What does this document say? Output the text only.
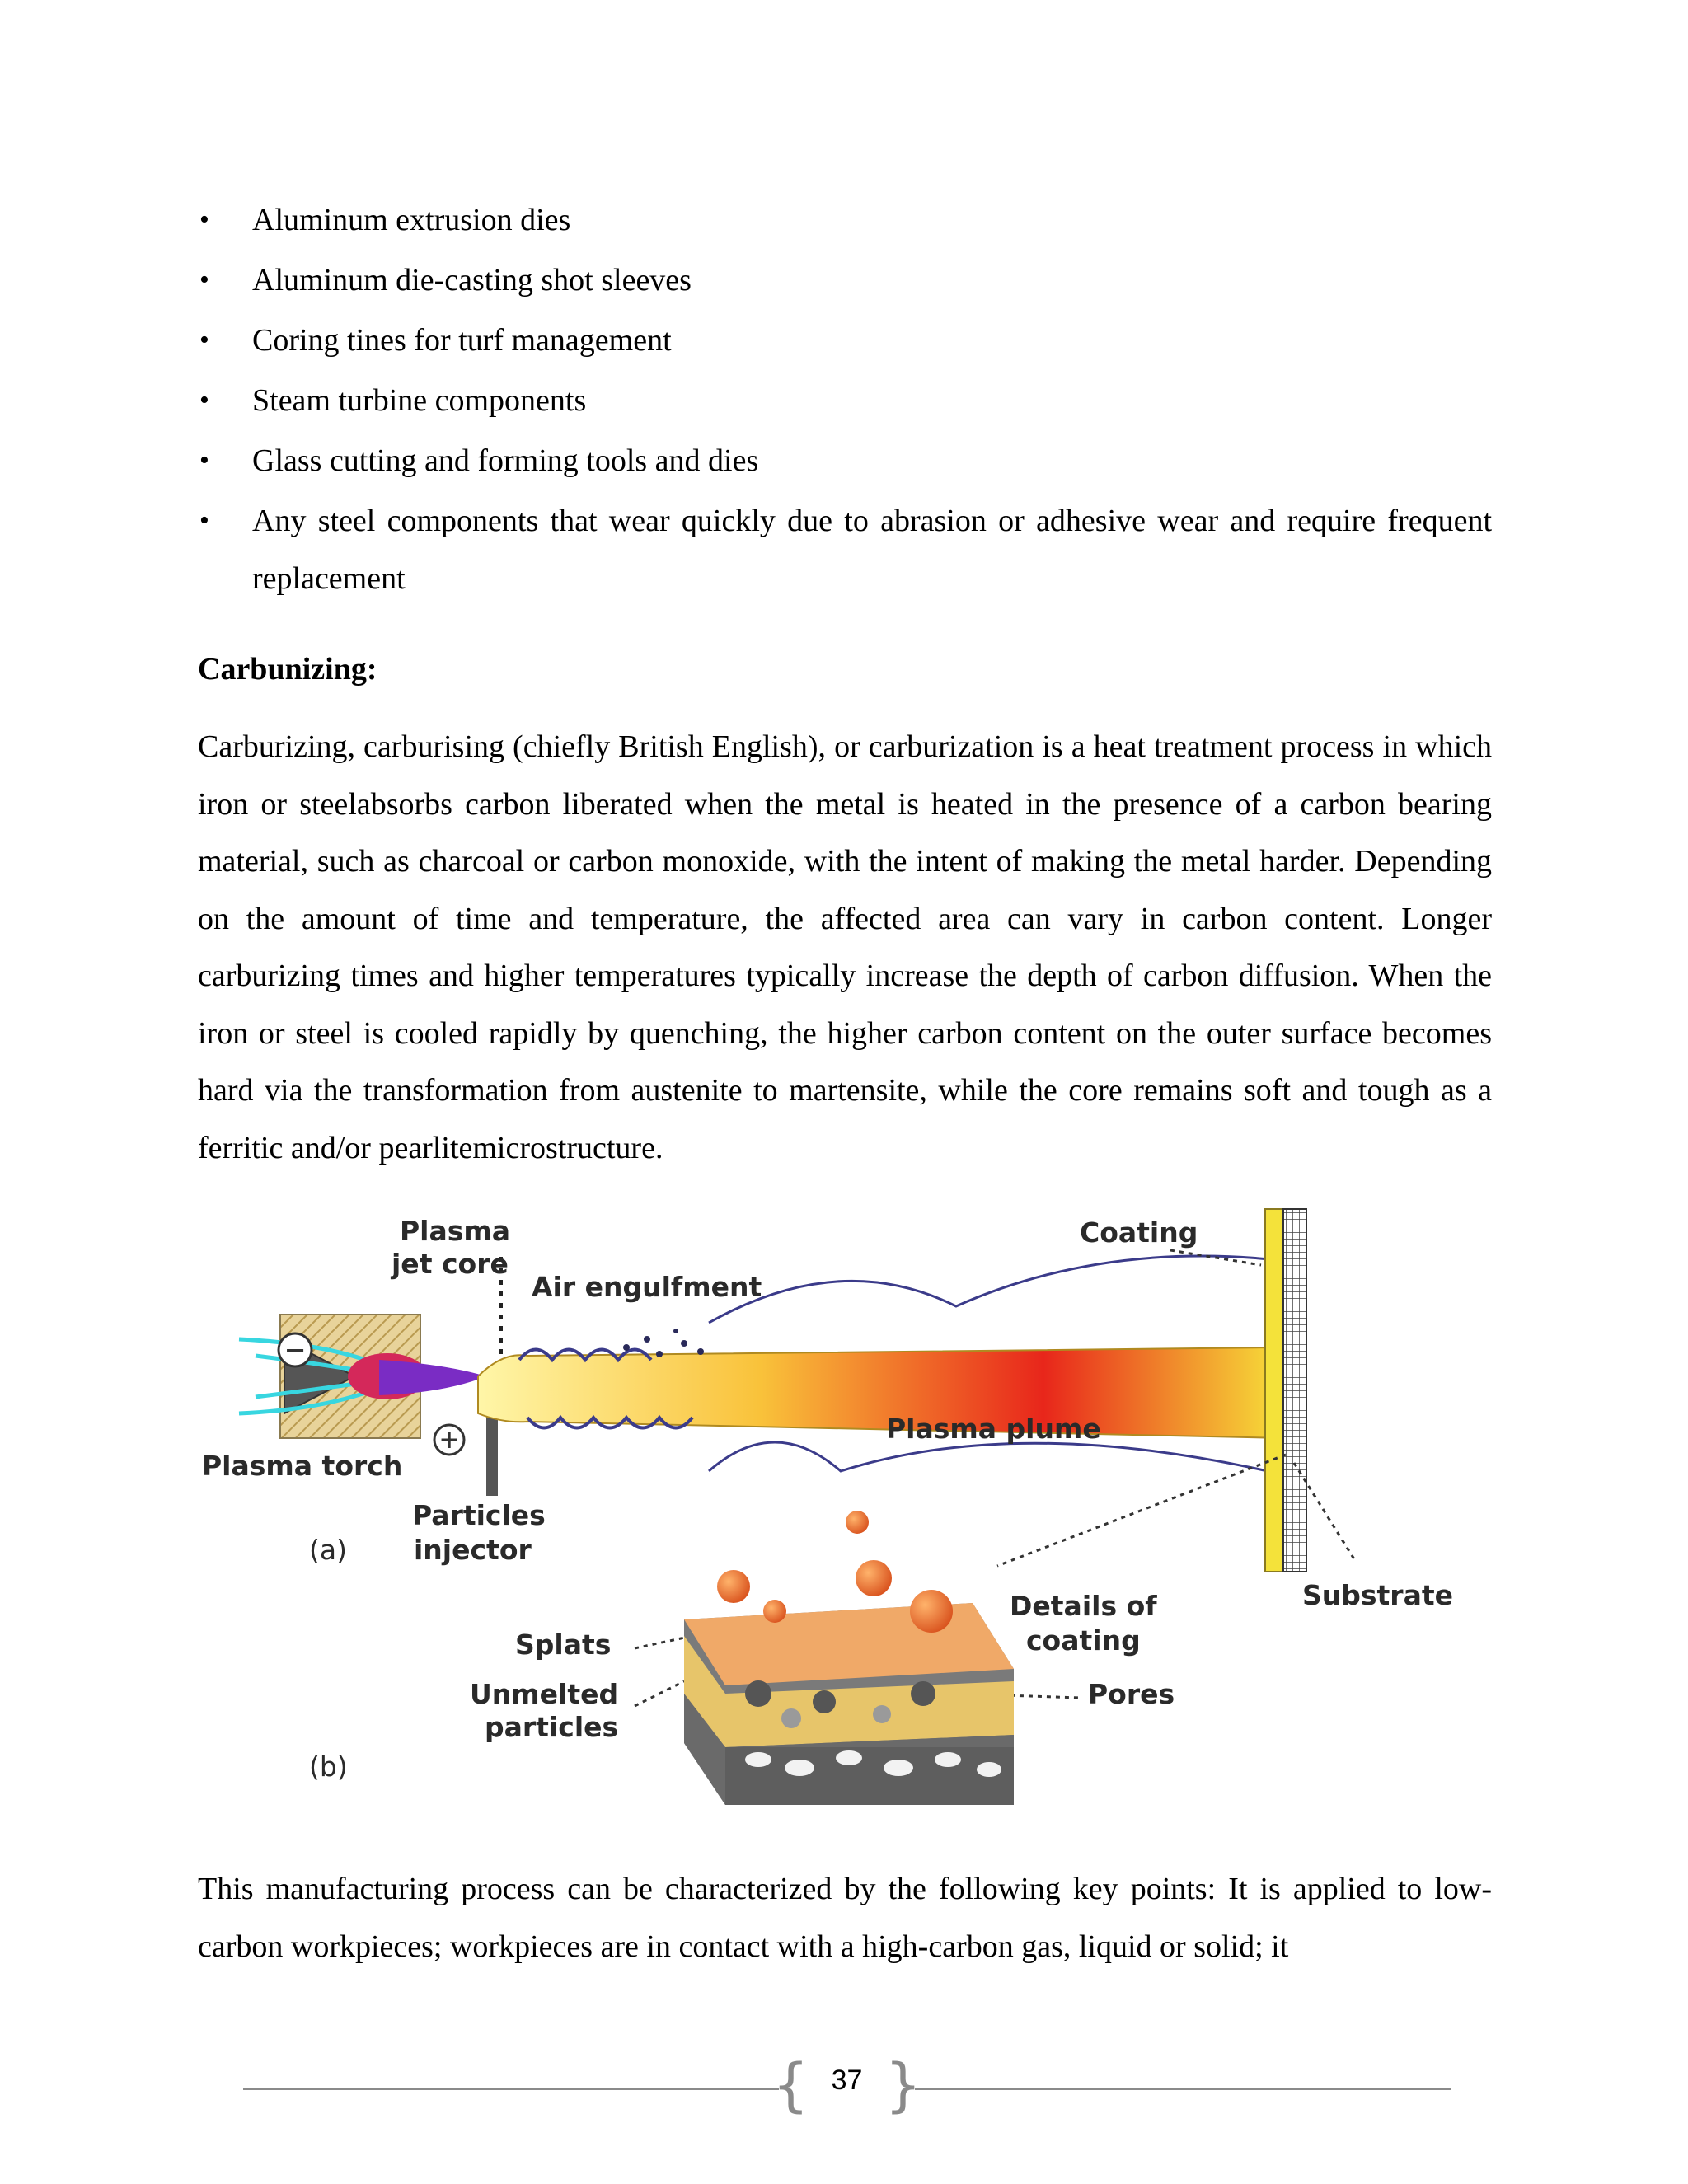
• Aluminum extrusion dies
• Aluminum die-casting shot sleeves
• Coring tines for turf management
• Steam turbine components
• Glass cutting and forming tools and dies
• Any steel components that wear quickly due to abrasion or adhesive wear and require frequent replacement
Carbunizing:

Carburizing, carburising (chiefly British English), or carburization is a heat treatment process in which iron or steelabsorbs carbon liberated when the metal is heated in the presence of a carbon bearing material, such as charcoal or carbon monoxide, with the intent of making the metal harder. Depending on the amount of time and temperature, the affected area can vary in carbon content. Longer carburizing times and higher temperatures typically increase the depth of carbon diffusion. When the iron or steel is cooled rapidly by quenching, the higher carbon content on the outer surface becomes hard via the transformation from austenite to martensite, while the core remains soft and tough as a ferritic and/or pearlitemicrostructure.

−
+
Plasma
jet core
Air engulfment
Coating
Plasma torch
Plasma plume
Particles
injector
(a)
Substrate
Details of
coating
Splats
Unmelted
particles
Pores
(b)

This manufacturing process can be characterized by the following key points: It is applied to low-carbon workpieces; workpieces are in contact with a high-carbon gas, liquid or solid; it

{ }
37
